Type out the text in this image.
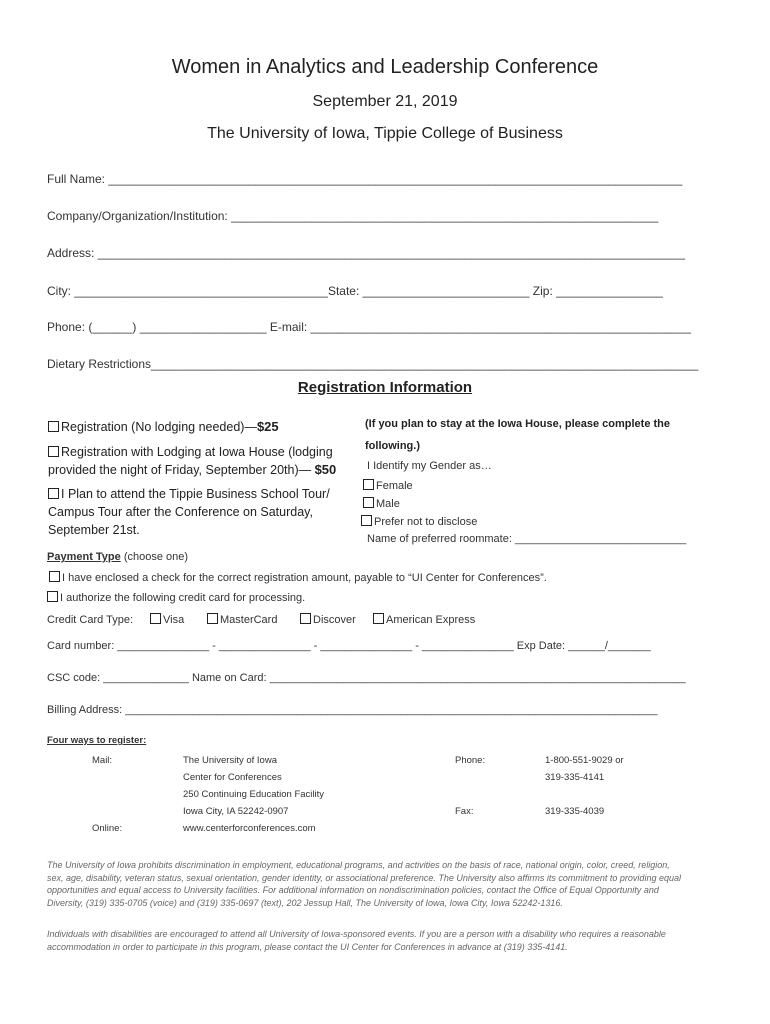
Women in Analytics and Leadership Conference
September 21, 2019
The University of Iowa, Tippie College of Business
Full Name: ______________________________________________________________________________________
Company/Organization/Institution: ________________________________________________________________
Address: ________________________________________________________________________________________
City: ______________________________________State: _________________________ Zip: ________________
Phone: (______) ___________________ E-mail: _________________________________________________________
Dietary Restrictions__________________________________________________________________________________
Registration Information
Registration (No lodging needed)—$25
Registration with Lodging at Iowa House (lodging provided the night of Friday, September 20th)— $50
I Plan to attend the Tippie Business School Tour/ Campus Tour after the Conference on Saturday, September 21st.
(If you plan to stay at the Iowa House, please complete the following.)
I Identify my Gender as…
Female
Male
Prefer not to disclose
Name of preferred roommate: ____________________________
Payment Type (choose one)
I have enclosed a check for the correct registration amount, payable to “UI Center for Conferences”.
I authorize the following credit card for processing.
Credit Card Type:	Visa	MasterCard	Discover	American Express
Card number: _______________ - _______________ - _______________ - _______________ Exp Date: ______/_______
CSC code: ______________ Name on Card: ____________________________________________________________________
Billing Address: _______________________________________________________________________________________
Four ways to register:
Mail:	The University of Iowa
Center for Conferences
250 Continuing Education Facility
Iowa City, IA 52242-0907
Phone:	1-800-551-9029 or
319-335-4141
Fax:	319-335-4039
Online:	www.centerforconferences.com
The University of Iowa prohibits discrimination in employment, educational programs, and activities on the basis of race, national origin, color, creed, religion, sex, age, disability, veteran status, sexual orientation, gender identity, or associational preference. The University also affirms its commitment to providing equal opportunities and equal access to University facilities. For additional information on nondiscrimination policies, contact the Office of Equal Opportunity and Diversity, (319) 335-0705 (voice) and (319) 335-0697 (text), 202 Jessup Hall, The University of Iowa, Iowa City, Iowa 52242-1316.
Individuals with disabilities are encouraged to attend all University of Iowa-sponsored events. If you are a person with a disability who requires a reasonable accommodation in order to participate in this program, please contact the UI Center for Conferences in advance at (319) 335-4141.
